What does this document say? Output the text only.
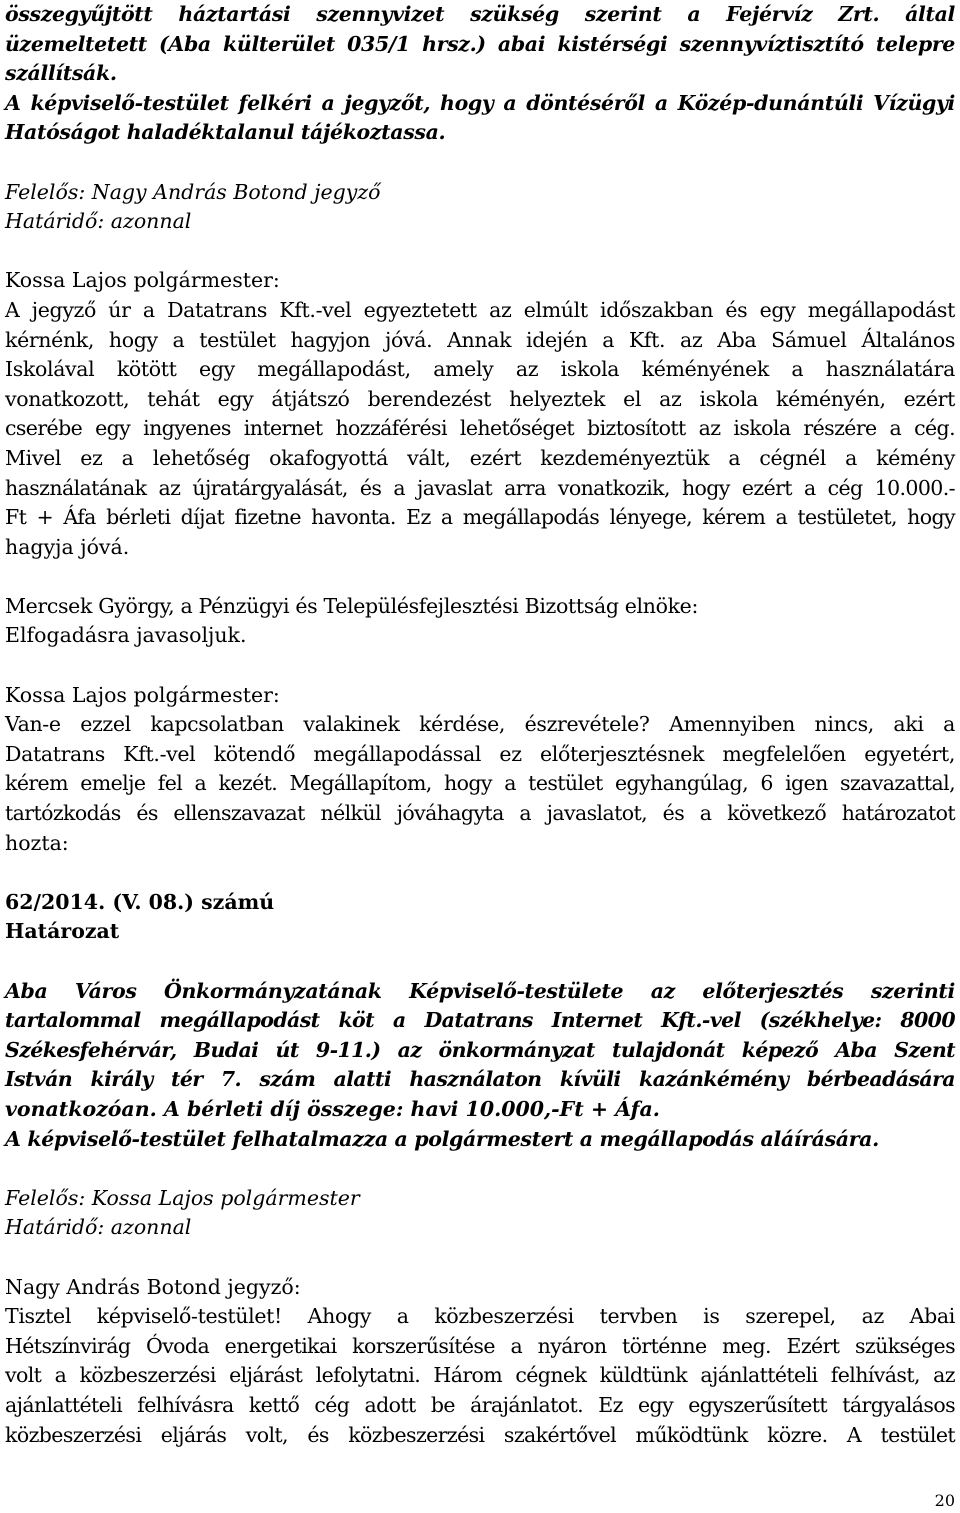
összegyűjtött háztartási szennyvizet szükség szerint a Fejérvíz Zrt. által
üzemeltetett (Aba külterület 035/1 hrsz.) abai kistérségi szennyvíztisztító telepre
szállítsák.
A képviselő-testület felkéri a jegyzőt, hogy a döntéséről a Közép-dunántúli Vízügyi
Hatóságot haladéktalanul tájékoztassa.
Felelős: Nagy András Botond jegyző
Határidő: azonnal
Kossa Lajos polgármester:
A jegyző úr a Datatrans Kft.-vel egyeztetett az elmúlt időszakban és egy megállapodást
kérnénk, hogy a testület hagyjon jóvá. Annak idején a Kft. az Aba Sámuel Általános
Iskolával kötött egy megállapodást, amely az iskola kéményének a használatára
vonatkozott, tehát egy átjátszó berendezést helyeztek el az iskola kéményén, ezért
cserébe egy ingyenes internet hozzáférési lehetőséget biztosított az iskola részére a cég.
Mivel ez a lehetőség okafogyottá vált, ezért kezdeményeztük a cégnél a kémény
használatának az újratárgyalását, és a javaslat arra vonatkozik, hogy ezért a cég 10.000.-
Ft + Áfa bérleti díjat fizetne havonta. Ez a megállapodás lényege, kérem a testületet, hogy
hagyja jóvá.
Mercsek György, a Pénzügyi és Településfejlesztési Bizottság elnöke:
Elfogadásra javasoljuk.
Kossa Lajos polgármester:
Van-e ezzel kapcsolatban valakinek kérdése, észrevétele? Amennyiben nincs, aki a
Datatrans Kft.-vel kötendő megállapodással ez előterjesztésnek megfelelően egyetért,
kérem emelje fel a kezét. Megállapítom, hogy a testület egyhangúlag, 6 igen szavazattal,
tartózkodás és ellenszavazat nélkül jóváhagyta a javaslatot, és a következő határozatot
hozta:
62/2014. (V. 08.) számú
Határozat
Aba Város Önkormányzatának Képviselő-testülete az előterjesztés szerinti
tartalommal megállapodást köt a Datatrans Internet Kft.-vel (székhelye: 8000
Székesfehérvár, Budai út 9-11.) az önkormányzat tulajdonát képező Aba Szent
István király tér 7. szám alatti használaton kívüli kazánkémény bérbeadására
vonatkozóan. A bérleti díj összege: havi 10.000,-Ft + Áfa.
A képviselő-testület felhatalmazza a polgármestert a megállapodás aláírására.
Felelős: Kossa Lajos polgármester
Határidő: azonnal
Nagy András Botond jegyző:
Tisztel képviselő-testület! Ahogy a közbeszerzési tervben is szerepel, az Abai
Hétszínvirág Óvoda energetikai korszerűsítése a nyáron történne meg. Ezért szükséges
volt a közbeszerzési eljárást lefolytatni. Három cégnek küldtünk ajánlattételi felhívást, az
ajánlattételi felhívásra kettő cég adott be árajánlatot. Ez egy egyszerűsített tárgyalásos
közbeszerzési eljárás volt, és közbeszerzési szakértővel működtünk közre. A testület
20
